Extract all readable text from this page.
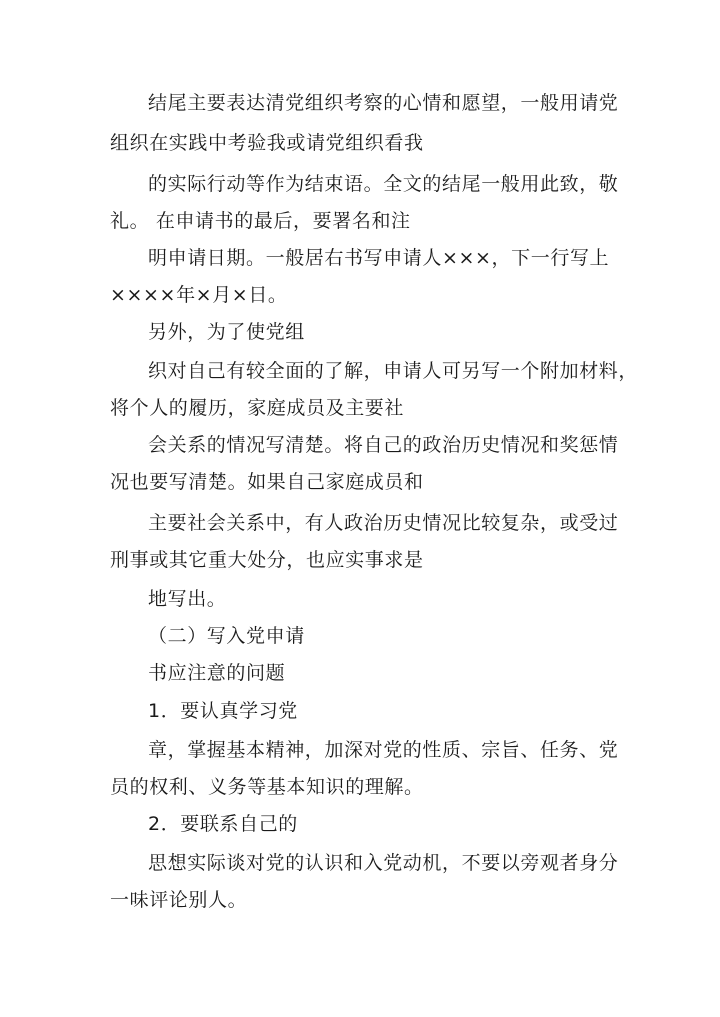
结尾主要表达清党组织考察的心情和愿望，一般用请党
组织在实践中考验我或请党组织看我
的实际行动等作为结束语。全文的结尾一般用此致，敬
礼。 在申请书的最后，要署名和注
明申请日期。一般居右书写申请人×××，下一行写上
××××年×月×日。
另外，为了使党组
织对自己有较全面的了解，申请人可另写一个附加材料，
将个人的履历，家庭成员及主要社
会关系的情况写清楚。将自己的政治历史情况和奖惩情
况也要写清楚。如果自己家庭成员和
主要社会关系中，有人政治历史情况比较复杂，或受过
刑事或其它重大处分，也应实事求是
地写出。
（二）写入党申请
书应注意的问题
1．要认真学习党
章，掌握基本精神，加深对党的性质、宗旨、任务、党
员的权利、义务等基本知识的理解。
2．要联系自己的
思想实际谈对党的认识和入党动机，不要以旁观者身分
一味评论别人。
